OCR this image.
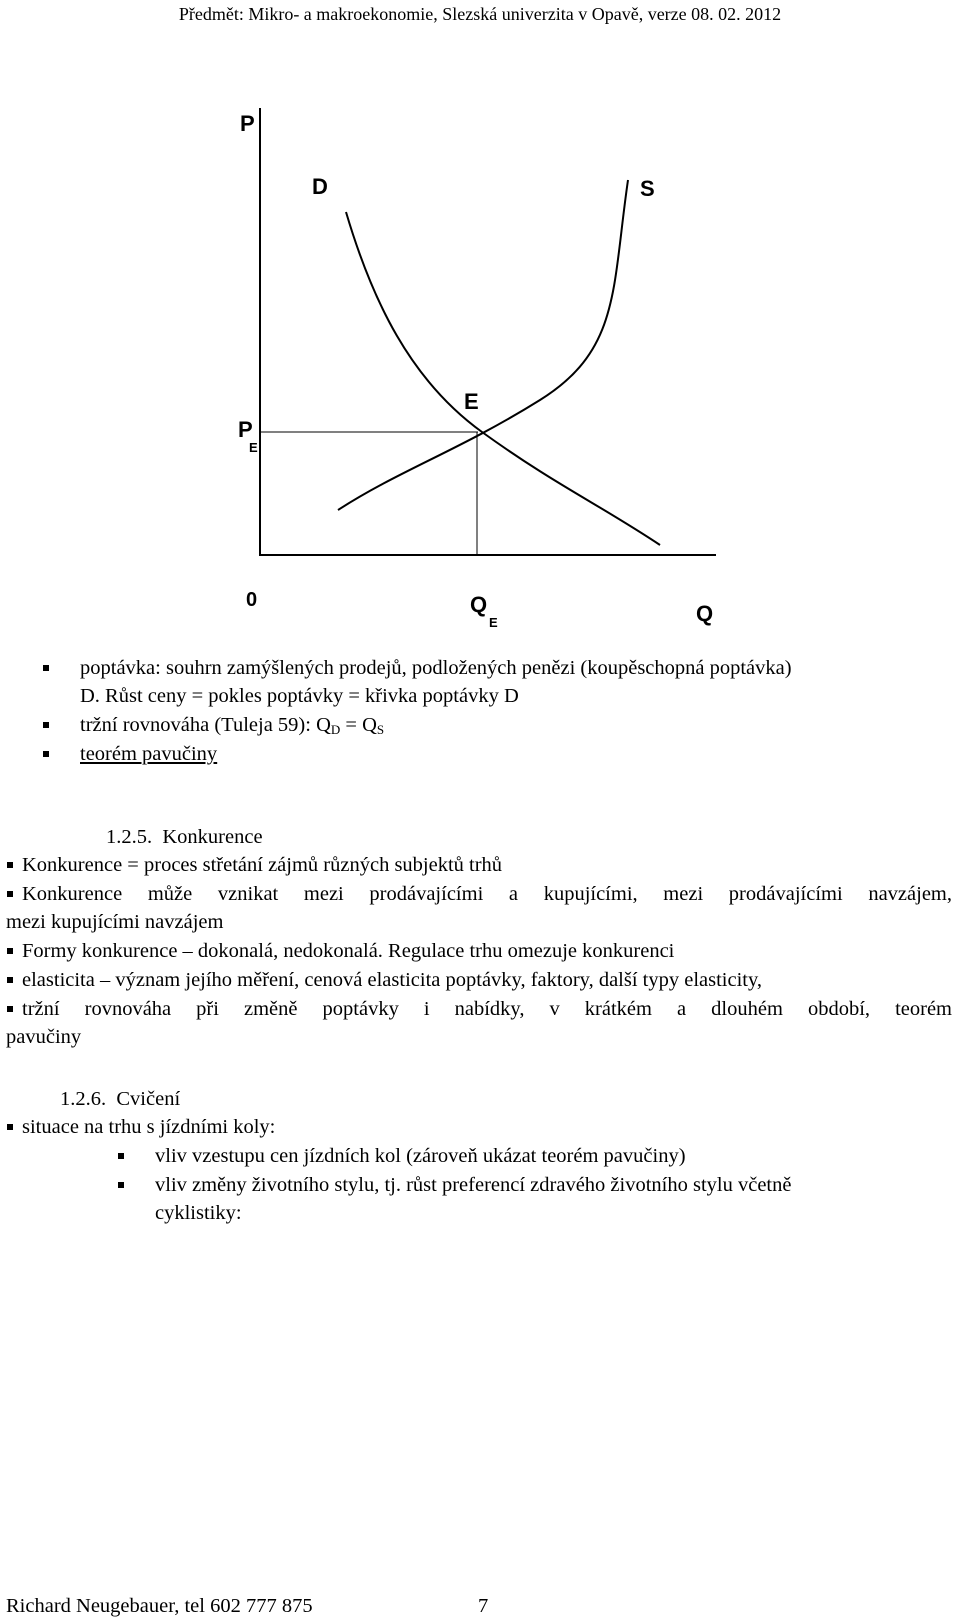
Předmět: Mikro- a makroekonomie, Slezská univerzita v Opavě, verze 08. 02. 2012
P
D	S
E
P
E
0	Q
E	Q
poptávka: souhrn zamýšlených prodejů, podložených penězi (koupěschopná poptávka)
D. Růst ceny = pokles poptávky = křivka poptávky D
tržní rovnováha (Tuleja 59): $Q_D = Q_S$
teorém pavučiny
1.2.5.  Konkurence
Konkurence = proces střetání zájmů různých subjektů trhů
Konkurence může vznikat mezi prodávajícími a kupujícími, mezi prodávajícími navzájem,
mezi kupujícími navzájem
Formy konkurence – dokonalá, nedokonalá. Regulace trhu omezuje konkurenci
elasticita – význam jejího měření, cenová elasticita poptávky, faktory, další typy elasticity,
tržní rovnováha při změně poptávky i nabídky, v krátkém a dlouhém období, teorém
pavučiny
1.2.6.  Cvičení
situace na trhu s jízdními koly:
vliv vzestupu cen jízdních kol (zároveň ukázat teorém pavučiny)
vliv změny životního stylu, tj. růst preferencí zdravého životního stylu včetně
cyklistiky:
Richard Neugebauer, tel 602 777 875	7
